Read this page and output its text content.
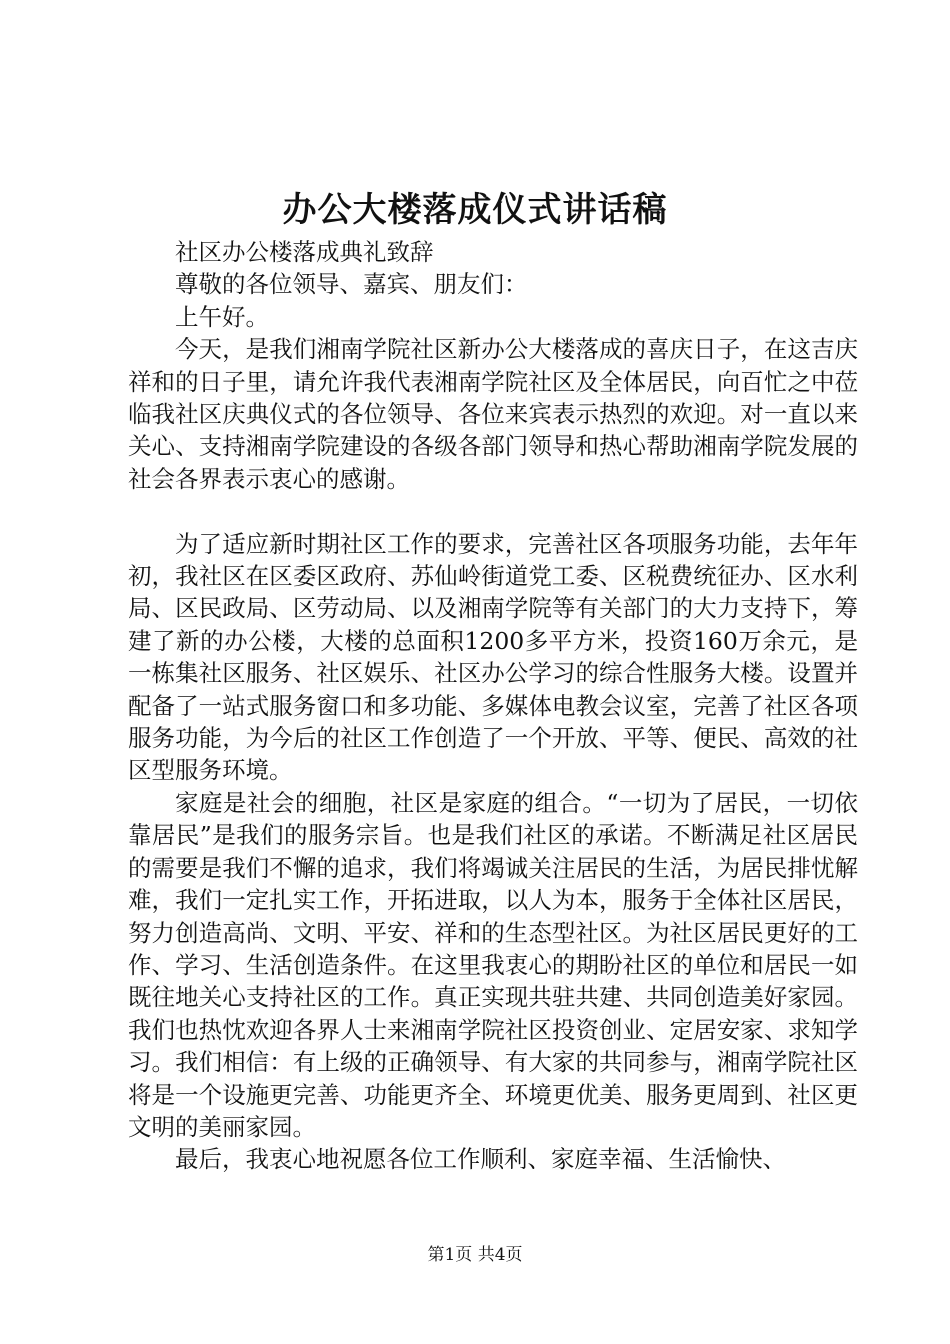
办公大楼落成仪式讲话稿

社区办公楼落成典礼致辞

尊敬的各位领导、嘉宾、朋友们：

上午好。

今天，是我们湘南学院社区新办公大楼落成的喜庆日子，在这吉庆祥和的日子里，请允许我代表湘南学院社区及全体居民，向百忙之中莅临我社区庆典仪式的各位领导、各位来宾表示热烈的欢迎。对一直以来关心、支持湘南学院建设的各级各部门领导和热心帮助湘南学院发展的社会各界表示衷心的感谢。

为了适应新时期社区工作的要求，完善社区各项服务功能，去年年初，我社区在区委区政府、苏仙岭街道党工委、区税费统征办、区水利局、区民政局、区劳动局、以及湘南学院等有关部门的大力支持下，筹建了新的办公楼，大楼的总面积1200多平方米，投资160万余元，是一栋集社区服务、社区娱乐、社区办公学习的综合性服务大楼。设置并配备了一站式服务窗口和多功能、多媒体电教会议室，完善了社区各项服务功能，为今后的社区工作创造了一个开放、平等、便民、高效的社区型服务环境。

家庭是社会的细胞，社区是家庭的组合。“一切为了居民，一切依靠居民”是我们的服务宗旨。也是我们社区的承诺。不断满足社区居民的需要是我们不懈的追求，我们将竭诚关注居民的生活，为居民排忧解难，我们一定扎实工作，开拓进取，以人为本，服务于全体社区居民，努力创造高尚、文明、平安、祥和的生态型社区。为社区居民更好的工作、学习、生活创造条件。在这里我衷心的期盼社区的单位和居民一如既往地关心支持社区的工作。真正实现共驻共建、共同创造美好家园。我们也热忱欢迎各界人士来湘南学院社区投资创业、定居安家、求知学习。我们相信：有上级的正确领导、有大家的共同参与，湘南学院社区将是一个设施更完善、功能更齐全、环境更优美、服务更周到、社区更文明的美丽家园。

最后，我衷心地祝愿各位工作顺利、家庭幸福、生活愉快、

第1页 共4页
